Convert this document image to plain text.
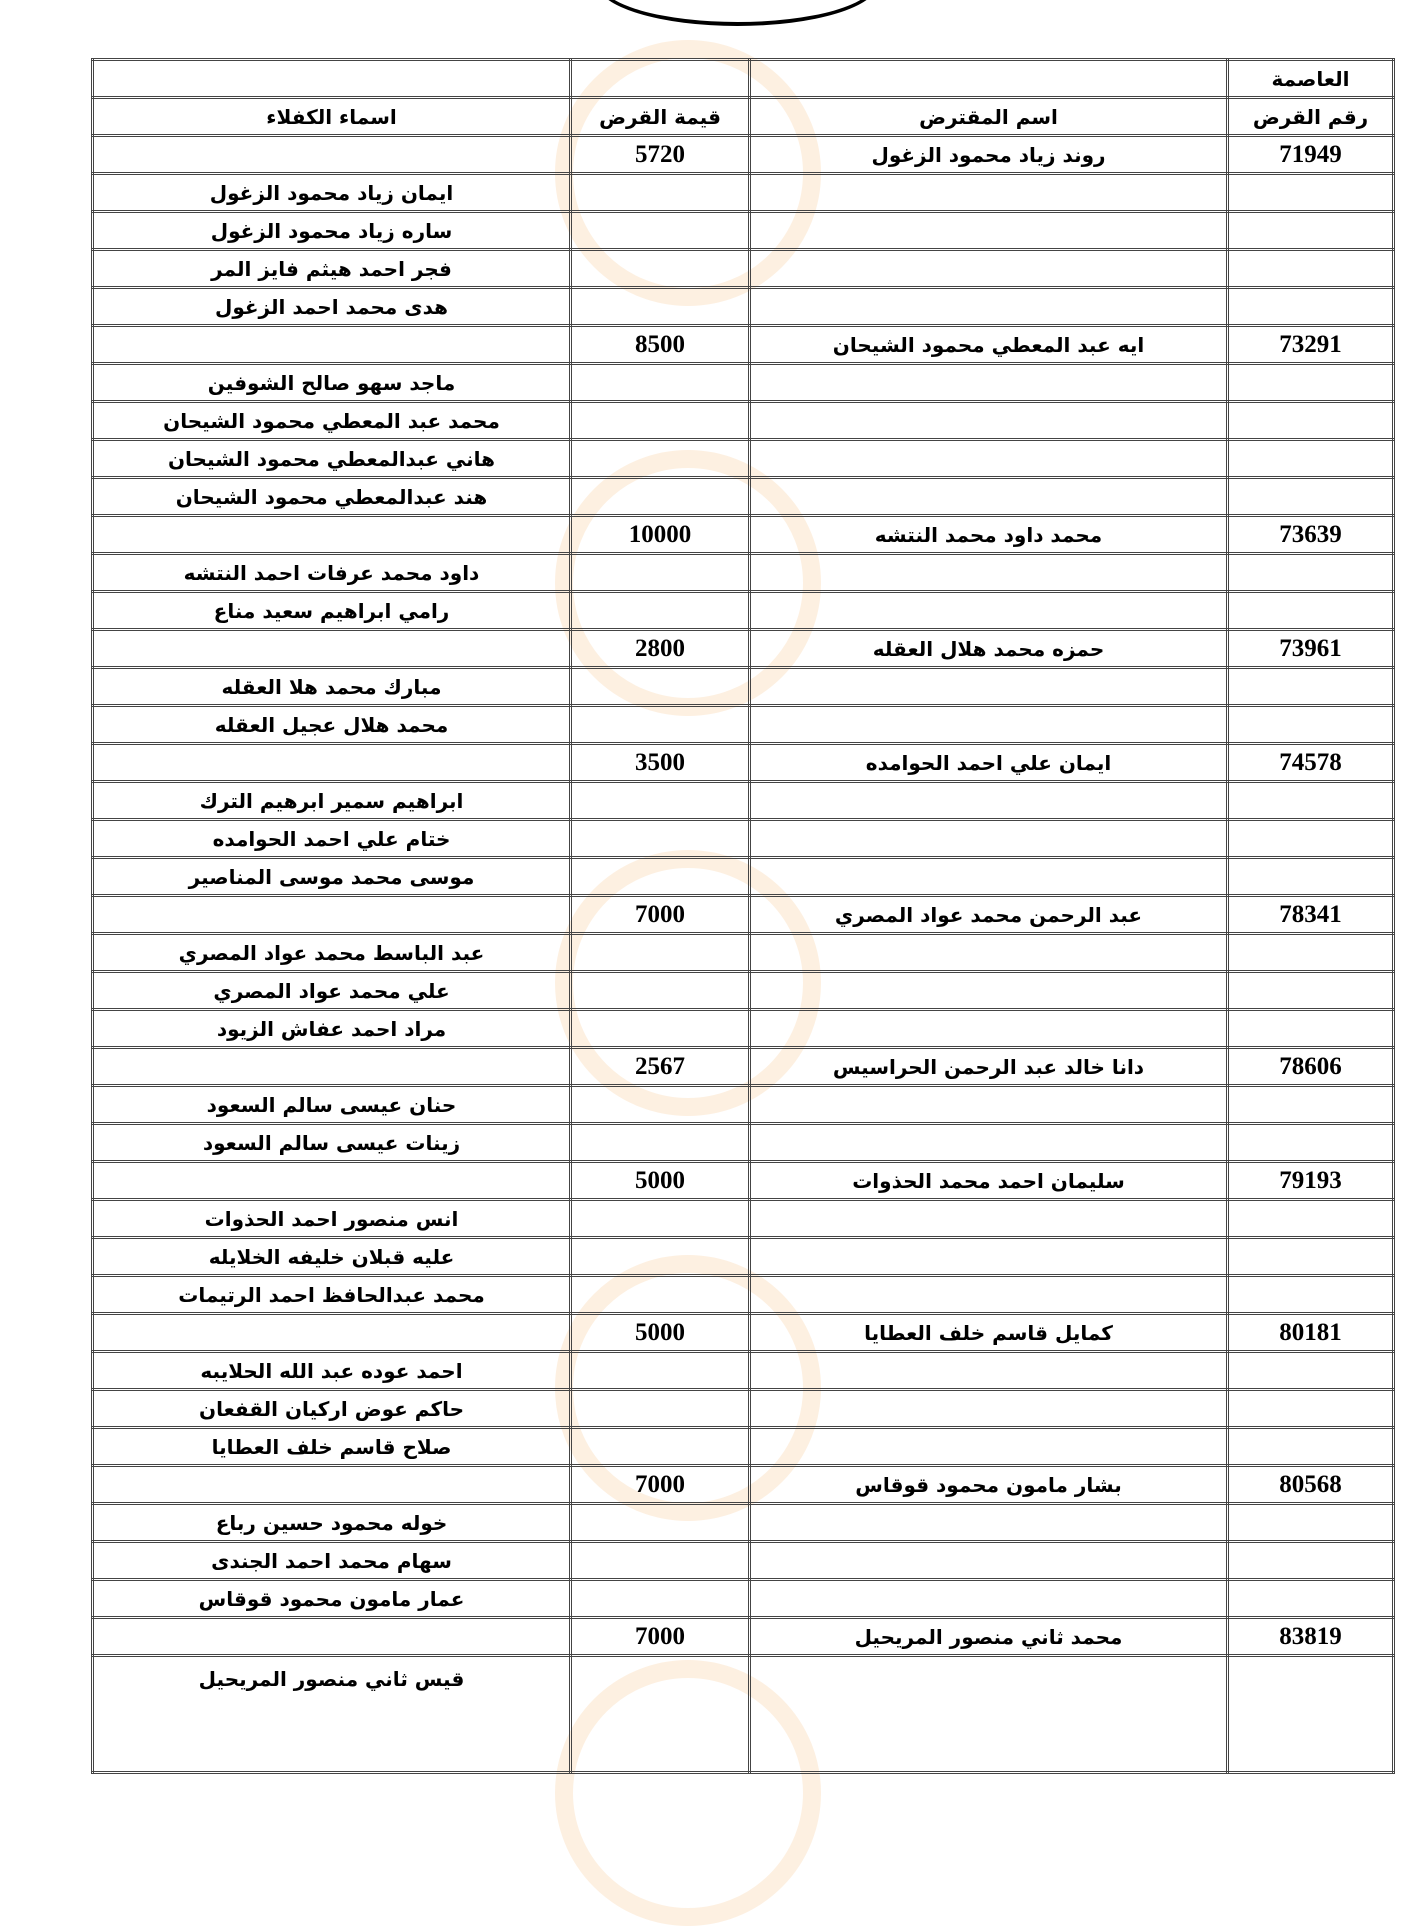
العاصمة			
رقم القرض	اسم المقترض	قيمة القرض	اسماء الكفلاء
71949	روند زياد محمود الزغول	5720	
			ايمان زياد محمود الزغول
			ساره زياد محمود الزغول
			فجر احمد هيثم فايز المر
			هدى محمد احمد الزغول
73291	ايه عبد المعطي محمود الشيحان	8500	
			ماجد سهو صالح الشوفين
			محمد عبد المعطي محمود الشيحان
			هاني عبدالمعطي محمود الشيحان
			هند عبدالمعطي محمود الشيحان
73639	محمد داود محمد النتشه	10000	
			داود محمد عرفات احمد النتشه
			رامي ابراهيم سعيد مناع
73961	حمزه محمد هلال العقله	2800	
			مبارك محمد هلا العقله
			محمد هلال عجيل العقله
74578	ايمان علي احمد الحوامده	3500	
			ابراهيم سمير ابرهيم الترك
			ختام علي احمد الحوامده
			موسى محمد موسى المناصير
78341	عبد الرحمن محمد عواد المصري	7000	
			عبد الباسط محمد عواد المصري
			علي محمد عواد المصري
			مراد احمد عفاش الزيود
78606	دانا خالد عبد الرحمن الحراسيس	2567	
			حنان عيسى سالم السعود
			زينات عيسى سالم السعود
79193	سليمان احمد محمد الحذوات	5000	
			انس منصور احمد الحذوات
			عليه قبلان خليفه الخلايله
			محمد عبدالحافظ احمد الرتيمات
80181	كمايل قاسم خلف العطايا	5000	
			احمد عوده عبد الله الحلايبه
			حاكم عوض اركيان القفعان
			صلاح قاسم خلف العطايا
80568	بشار مامون محمود قوقاس	7000	
			خوله محمود حسين رباع
			سهام محمد احمد الجندى
			عمار مامون محمود قوقاس
83819	محمد ثاني منصور المريحيل	7000	
			قيس ثاني منصور المريحيل
